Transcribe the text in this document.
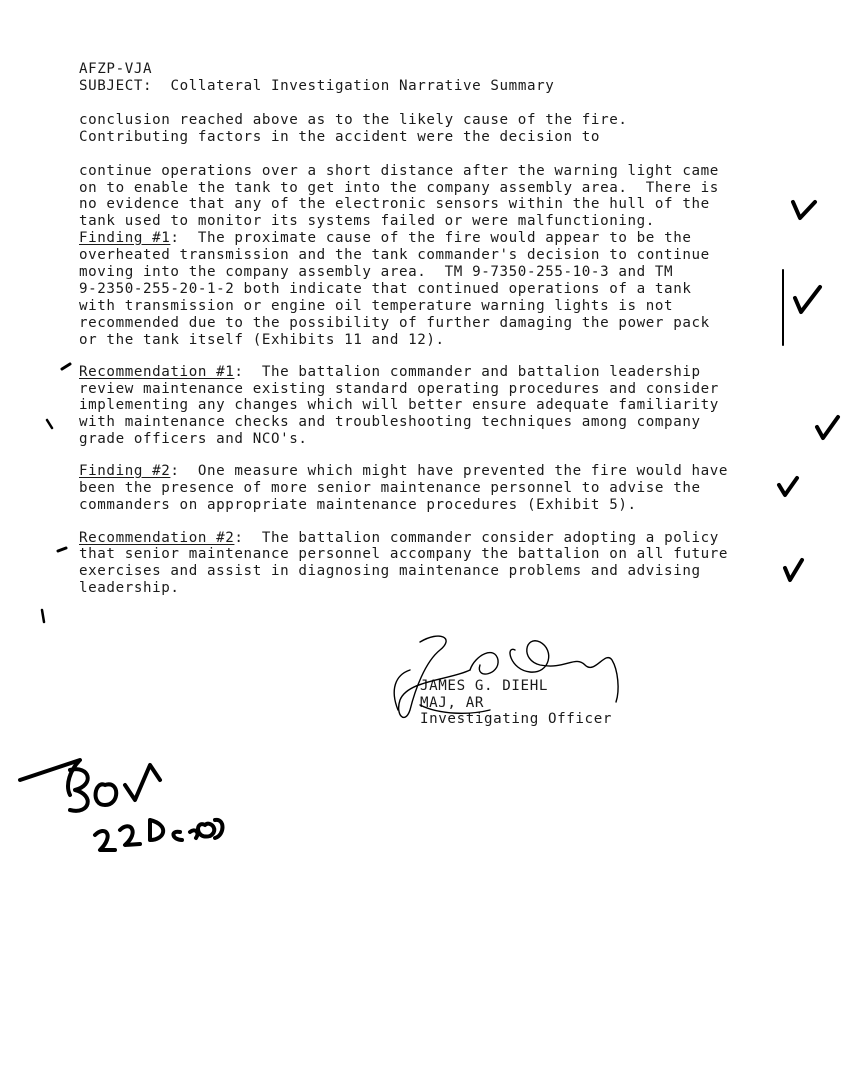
AFZP-VJA
SUBJECT: Collateral Investigation Narrative Summary
conclusion reached above as to the likely cause of the fire.
Contributing factors in the accident were the decision to
continue operations over a short distance after the warning light came
on to enable the tank to get into the company assembly area.  There is
no evidence that any of the electronic sensors within the hull of the
tank used to monitor its systems failed or were malfunctioning.
Finding #1:  The proximate cause of the fire would appear to be the
overheated transmission and the tank commander's decision to continue
moving into the company assembly area.  TM 9-7350-255-10-3 and TM
9-2350-255-20-1-2 both indicate that continued operations of a tank
with transmission or engine oil temperature warning lights is not
recommended due to the possibility of further damaging the power pack
or the tank itself (Exhibits 11 and 12).
Recommendation #1:  The battalion commander and battalion leadership
review maintenance existing standard operating procedures and consider
implementing any changes which will better ensure adequate familiarity
with maintenance checks and troubleshooting techniques among company
grade officers and NCO's.
Finding #2:  One measure which might have prevented the fire would have
been the presence of more senior maintenance personnel to advise the
commanders on appropriate maintenance procedures (Exhibit 5).
Recommendation #2:  The battalion commander consider adopting a policy
that senior maintenance personnel accompany the battalion on all future
exercises and assist in diagnosing maintenance problems and advising
leadership.
JAMES G. DIEHL
MAJ, AR
Investigating Officer
